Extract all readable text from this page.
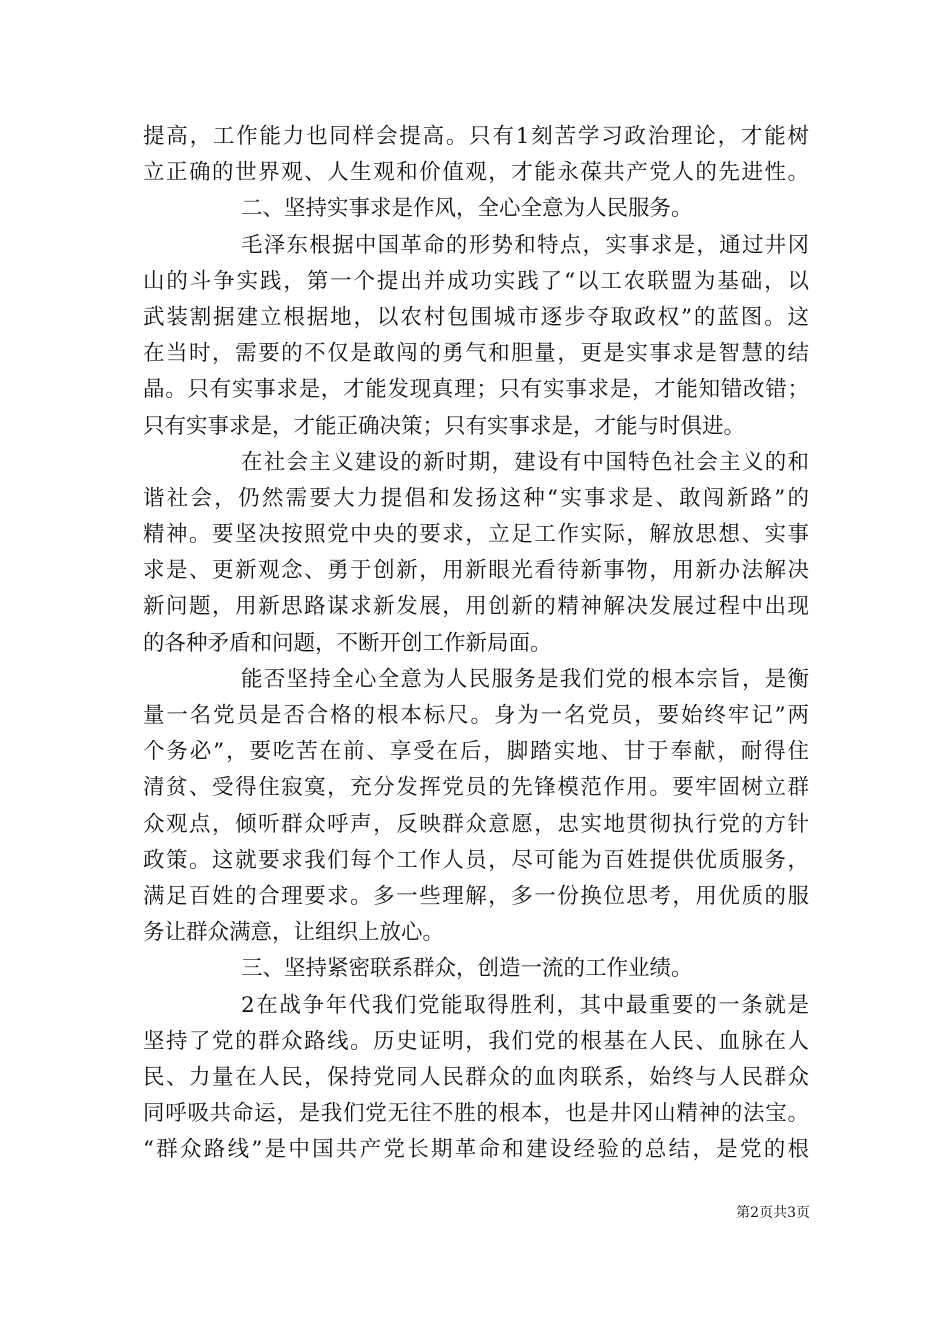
提高，工作能力也同样会提高。只有1刻苦学习政治理论，才能树
立正确的世界观、人生观和价值观，才能永葆共产党人的先进性。
二、坚持实事求是作风，全心全意为人民服务。
毛泽东根据中国革命的形势和特点，实事求是，通过井冈
山的斗争实践，第一个提出并成功实践了“以工农联盟为基础，以
武装割据建立根据地，以农村包围城市逐步夺取政权”的蓝图。这
在当时，需要的不仅是敢闯的勇气和胆量，更是实事求是智慧的结
晶。只有实事求是，才能发现真理；只有实事求是，才能知错改错；
只有实事求是，才能正确决策；只有实事求是，才能与时俱进。
在社会主义建设的新时期，建设有中国特色社会主义的和
谐社会，仍然需要大力提倡和发扬这种“实事求是、敢闯新路”的
精神。要坚决按照党中央的要求，立足工作实际，解放思想、实事
求是、更新观念、勇于创新，用新眼光看待新事物，用新办法解决
新问题，用新思路谋求新发展，用创新的精神解决发展过程中出现
的各种矛盾和问题，不断开创工作新局面。
能否坚持全心全意为人民服务是我们党的根本宗旨，是衡
量一名党员是否合格的根本标尺。身为一名党员，要始终牢记”两
个务必”，要吃苦在前、享受在后，脚踏实地、甘于奉献，耐得住
清贫、受得住寂寞，充分发挥党员的先锋模范作用。要牢固树立群
众观点，倾听群众呼声，反映群众意愿，忠实地贯彻执行党的方针
政策。这就要求我们每个工作人员，尽可能为百姓提供优质服务，
满足百姓的合理要求。多一些理解，多一份换位思考，用优质的服
务让群众满意，让组织上放心。
三、坚持紧密联系群众，创造一流的工作业绩。
2在战争年代我们党能取得胜利，其中最重要的一条就是
坚持了党的群众路线。历史证明，我们党的根基在人民、血脉在人
民、力量在人民，保持党同人民群众的血肉联系，始终与人民群众
同呼吸共命运，是我们党无往不胜的根本，也是井冈山精神的法宝。
“群众路线”是中国共产党长期革命和建设经验的总结，是党的根
第2页共3页
